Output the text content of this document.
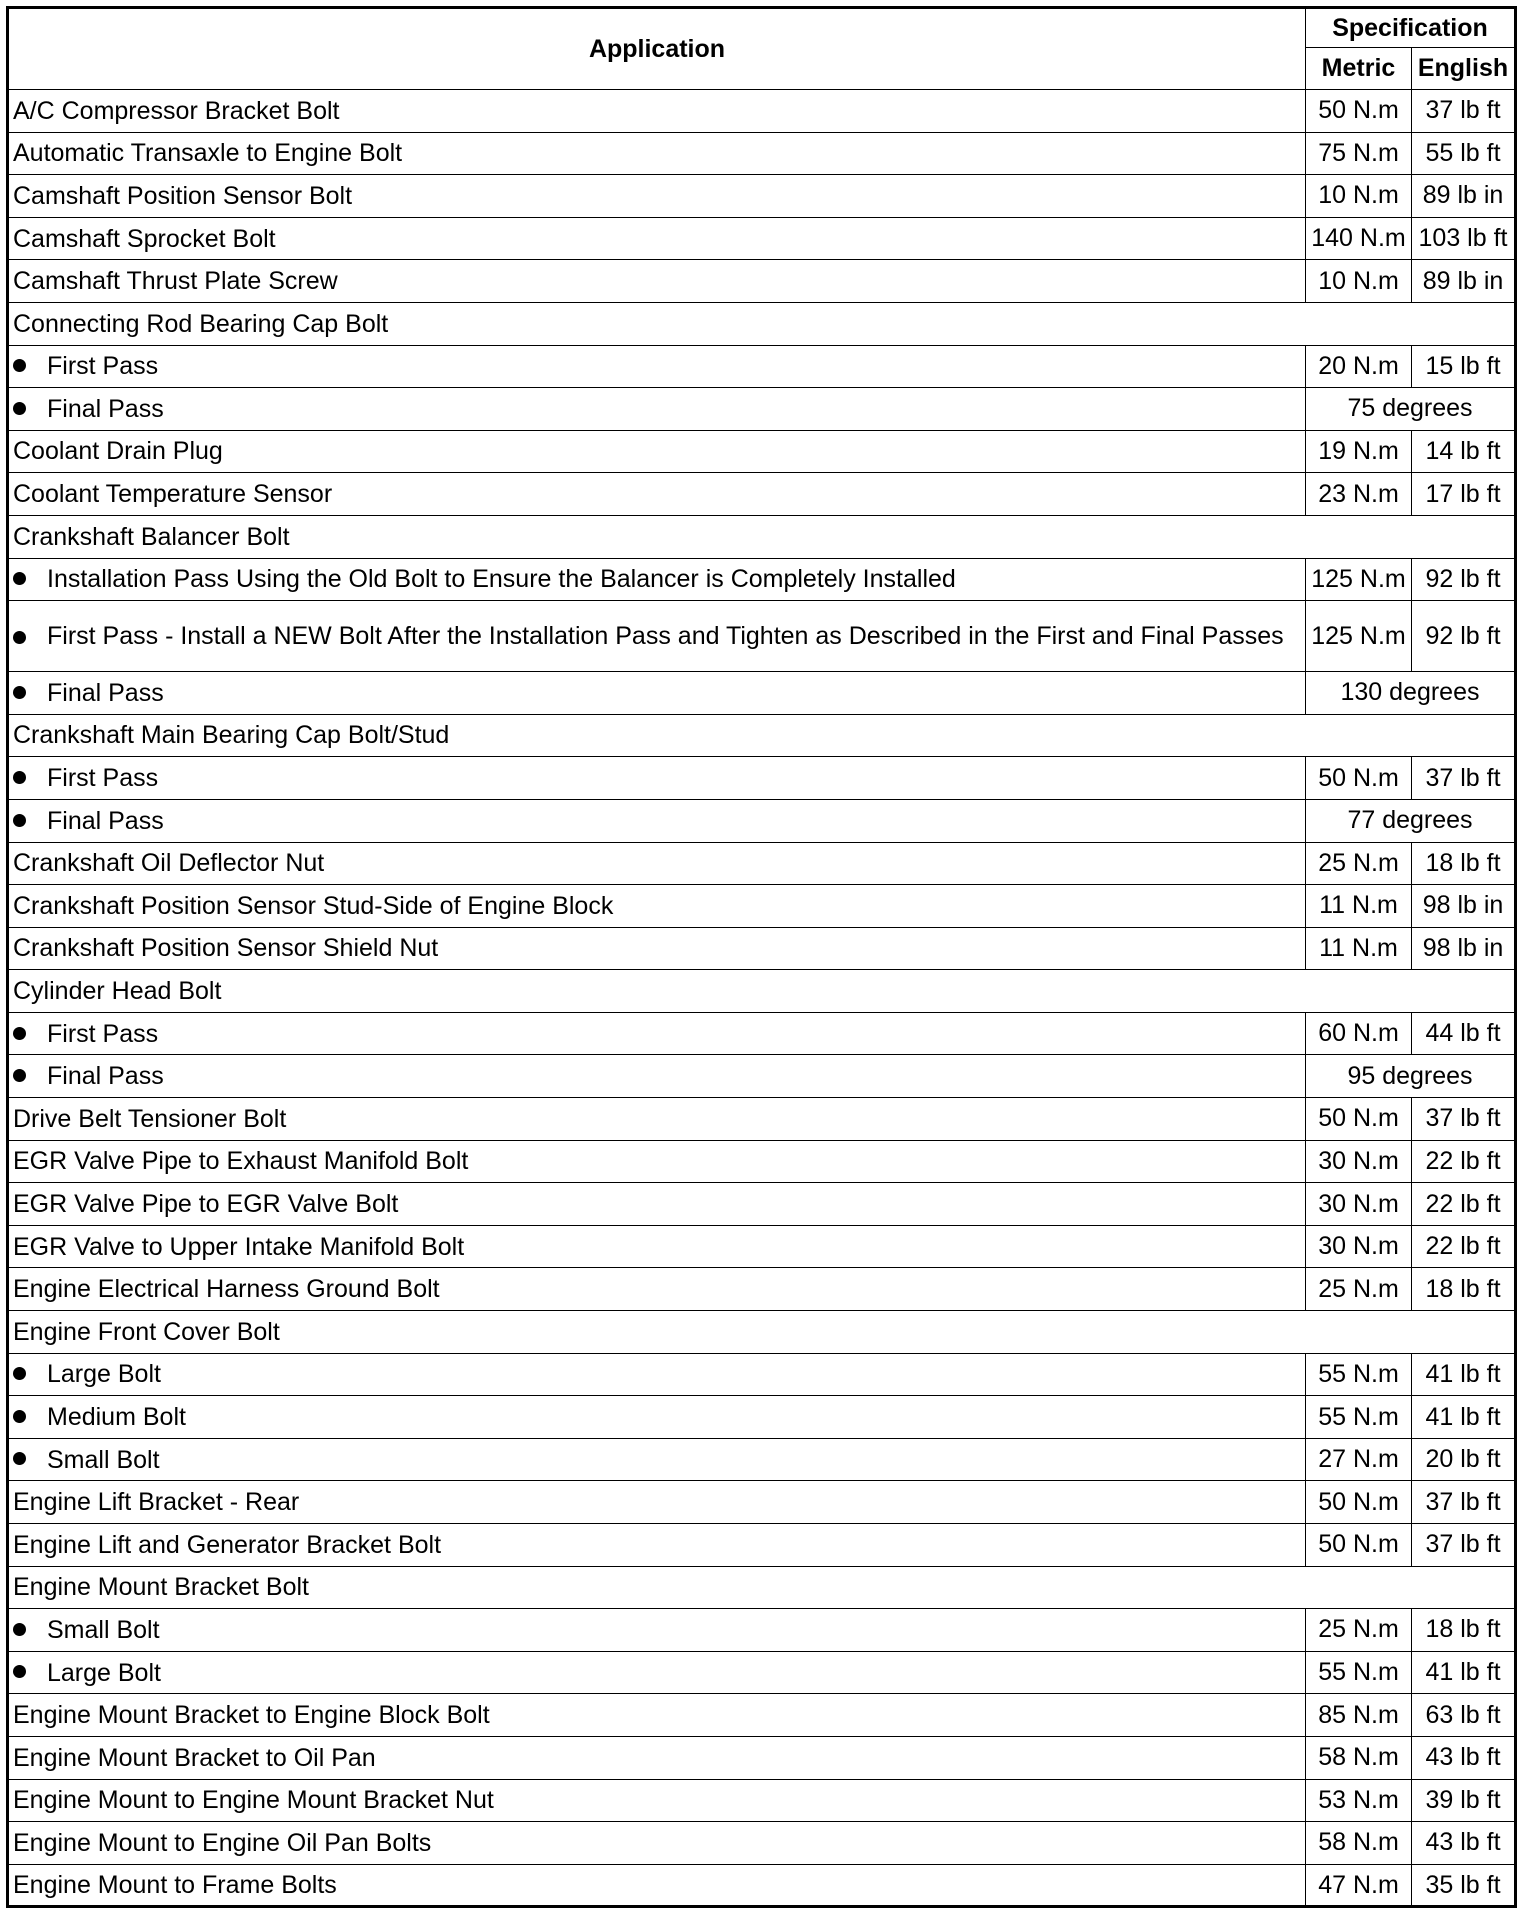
Application	Specification	
	Metric	English
A/C Compressor Bracket Bolt	50 N.m	37 lb ft
Automatic Transaxle to Engine Bolt	75 N.m	55 lb ft
Camshaft Position Sensor Bolt	10 N.m	89 lb in
Camshaft Sprocket Bolt	140 N.m	103 lb ft
Camshaft Thrust Plate Screw	10 N.m	89 lb in
Connecting Rod Bearing Cap Bolt		
First Pass	20 N.m	15 lb ft
Final Pass	75 degrees	
Coolant Drain Plug	19 N.m	14 lb ft
Coolant Temperature Sensor	23 N.m	17 lb ft
Crankshaft Balancer Bolt		
Installation Pass Using the Old Bolt to Ensure the Balancer is Completely Installed	125 N.m	92 lb ft

First Pass - Install a NEW Bolt After the Installation Pass and Tighten as Described in the First and Final Passes	125 N.m	92 lb ft
Final Pass	130 degrees	
Crankshaft Main Bearing Cap Bolt/Stud		
First Pass	50 N.m	37 lb ft
Final Pass	77 degrees	
Crankshaft Oil Deflector Nut	25 N.m	18 lb ft
Crankshaft Position Sensor Stud-Side of Engine Block	11 N.m	98 lb in
Crankshaft Position Sensor Shield Nut	11 N.m	98 lb in
Cylinder Head Bolt		
First Pass	60 N.m	44 lb ft
Final Pass	95 degrees	
Drive Belt Tensioner Bolt	50 N.m	37 lb ft
EGR Valve Pipe to Exhaust Manifold Bolt	30 N.m	22 lb ft
EGR Valve Pipe to EGR Valve Bolt	30 N.m	22 lb ft
EGR Valve to Upper Intake Manifold Bolt	30 N.m	22 lb ft
Engine Electrical Harness Ground Bolt	25 N.m	18 lb ft
Engine Front Cover Bolt		
Large Bolt	55 N.m	41 lb ft
Medium Bolt	55 N.m	41 lb ft
Small Bolt	27 N.m	20 lb ft
Engine Lift Bracket - Rear	50 N.m	37 lb ft
Engine Lift and Generator Bracket Bolt	50 N.m	37 lb ft
Engine Mount Bracket Bolt		
Small Bolt	25 N.m	18 lb ft
Large Bolt	55 N.m	41 lb ft
Engine Mount Bracket to Engine Block Bolt	85 N.m	63 lb ft
Engine Mount Bracket to Oil Pan	58 N.m	43 lb ft
Engine Mount to Engine Mount Bracket Nut	53 N.m	39 lb ft
Engine Mount to Engine Oil Pan Bolts	58 N.m	43 lb ft
Engine Mount to Frame Bolts	47 N.m	35 lb ft
